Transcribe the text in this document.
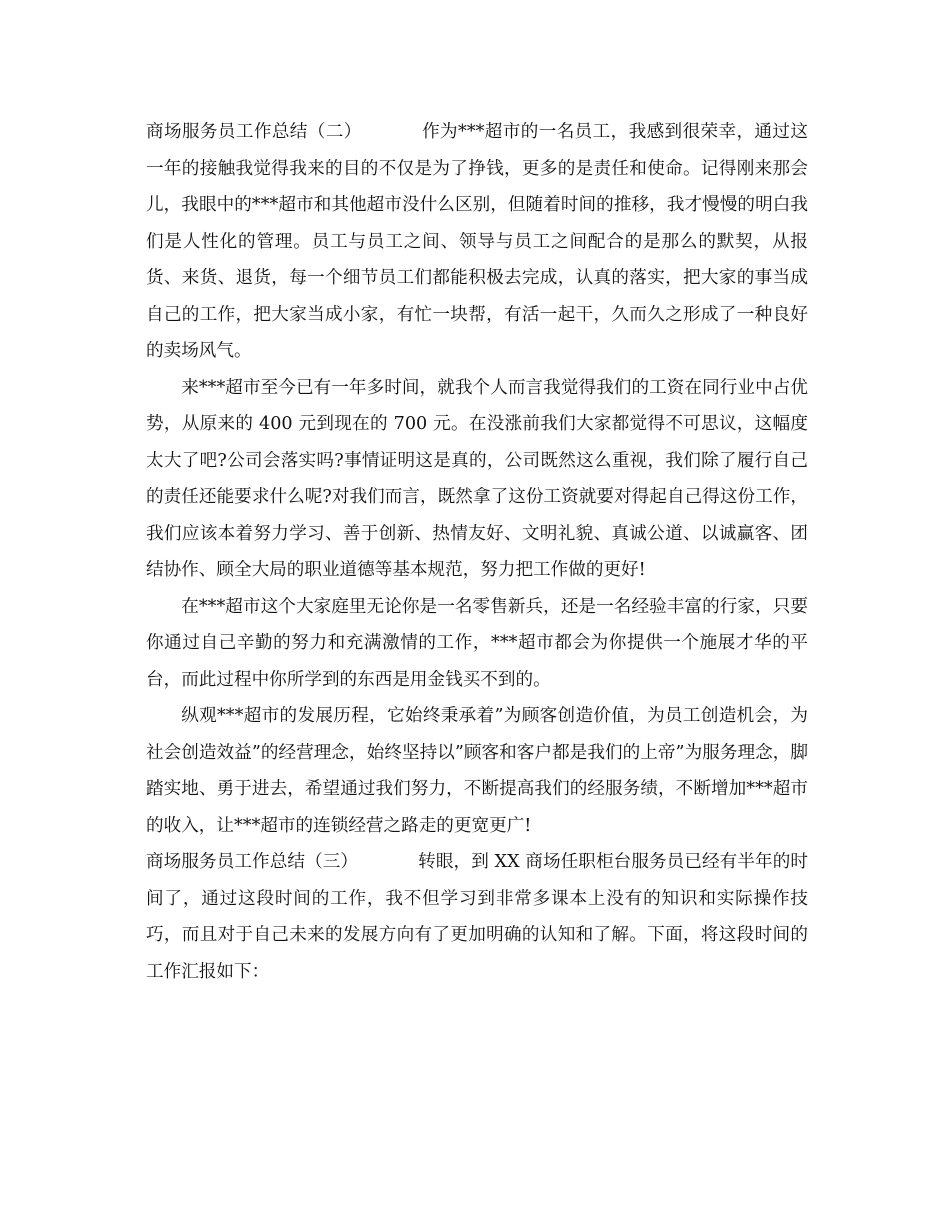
商场服务员工作总结（二）	作为***超市的一名员工，我感到很荣幸，通过这一年的接触我觉得我来的目的不仅是为了挣钱，更多的是责任和使命。记得刚来那会儿，我眼中的***超市和其他超市没什么区别，但随着时间的推移，我才慢慢的明白我们是人性化的管理。员工与员工之间、领导与员工之间配合的是那么的默契，从报货、来货、退货，每一个细节员工们都能积极去完成，认真的落实，把大家的事当成自己的工作，把大家当成小家，有忙一块帮，有活一起干，久而久之形成了一种良好的卖场风气。

来***超市至今已有一年多时间，就我个人而言我觉得我们的工资在同行业中占优势，从原来的 400 元到现在的 700 元。在没涨前我们大家都觉得不可思议，这幅度太大了吧?公司会落实吗?事情证明这是真的，公司既然这么重视，我们除了履行自己的责任还能要求什么呢?对我们而言，既然拿了这份工资就要对得起自己得这份工作，我们应该本着努力学习、善于创新、热情友好、文明礼貌、真诚公道、以诚赢客、团结协作、顾全大局的职业道德等基本规范，努力把工作做的更好!

在***超市这个大家庭里无论你是一名零售新兵，还是一名经验丰富的行家，只要你通过自己辛勤的努力和充满激情的工作，***超市都会为你提供一个施展才华的平台，而此过程中你所学到的东西是用金钱买不到的。

纵观***超市的发展历程，它始终秉承着”为顾客创造价值，为员工创造机会，为社会创造效益”的经营理念，始终坚持以”顾客和客户都是我们的上帝”为服务理念，脚踏实地、勇于进去，希望通过我们努力，不断提高我们的经服务绩，不断增加***超市的收入，让***超市的连锁经营之路走的更宽更广!

商场服务员工作总结（三）	转眼，到 XX 商场任职柜台服务员已经有半年的时间了，通过这段时间的工作，我不但学习到非常多课本上没有的知识和实际操作技巧，而且对于自己未来的发展方向有了更加明确的认知和了解。下面，将这段时间的工作汇报如下：
